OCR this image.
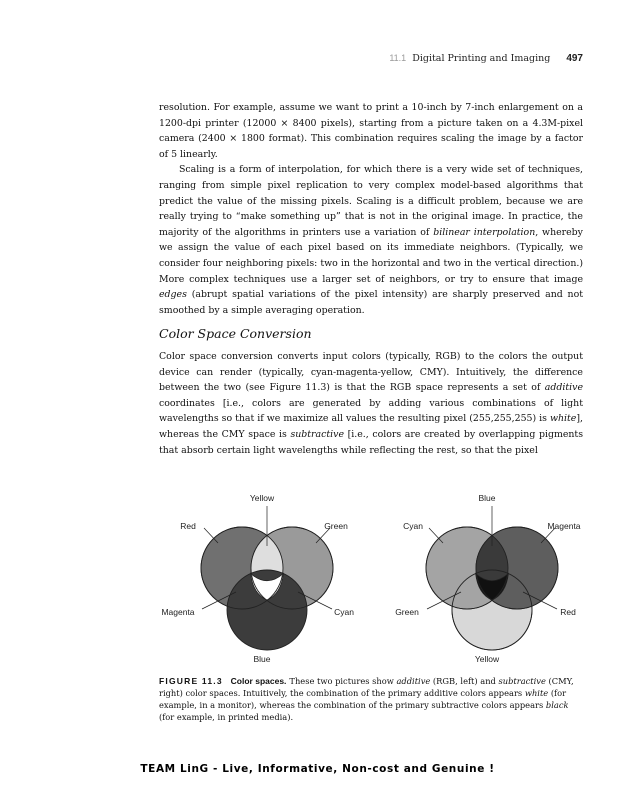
11.1 Digital Printing and Imaging 497

resolution. For example, assume we want to print a 10-inch by 7-inch enlargement on a 1200-dpi printer (12000 × 8400 pixels), starting from a picture taken on a 4.3M-pixel camera (2400 × 1800 format). This combination requires scaling the image by a factor of 5 linearly.

Scaling is a form of interpolation, for which there is a very wide set of techniques, ranging from simple pixel replication to very complex model-based algorithms that predict the value of the missing pixels. Scaling is a difficult problem, because we are really trying to “make something up” that is not in the original image. In practice, the majority of the algorithms in printers use a variation of bilinear interpolation, whereby we assign the value of each pixel based on its immediate neighbors. (Typically, we consider four neighboring pixels: two in the horizontal and two in the vertical direction.) More complex techniques use a larger set of neighbors, or try to ensure that image edges (abrupt spatial variations of the pixel intensity) are sharply preserved and not smoothed by a simple averaging operation.

Color Space Conversion

Color space conversion converts input colors (typically, RGB) to the colors the output device can render (typically, cyan-magenta-yellow, CMY). Intuitively, the difference between the two (see Figure 11.3) is that the RGB space represents a set of additive coordinates [i.e., colors are generated by adding various combinations of light wavelengths so that if we maximize all values the resulting pixel (255,255,255) is white], whereas the CMY space is subtractive [i.e., colors are created by overlapping pigments that absorb certain light wavelengths while reflecting the rest, so that the pixel

Yellow
Red	Green
Magenta	Cyan
Blue
Blue
Cyan	Magenta
Green	Red
Yellow
FIGURE 11.3 Color spaces. These two pictures show additive (RGB, left) and subtractive (CMY, right) color spaces. Intuitively, the combination of the primary additive colors appears white (for example, in a monitor), whereas the combination of the primary subtractive colors appears black (for example, in printed media).
TEAM LinG - Live, Informative, Non-cost and Genuine !
